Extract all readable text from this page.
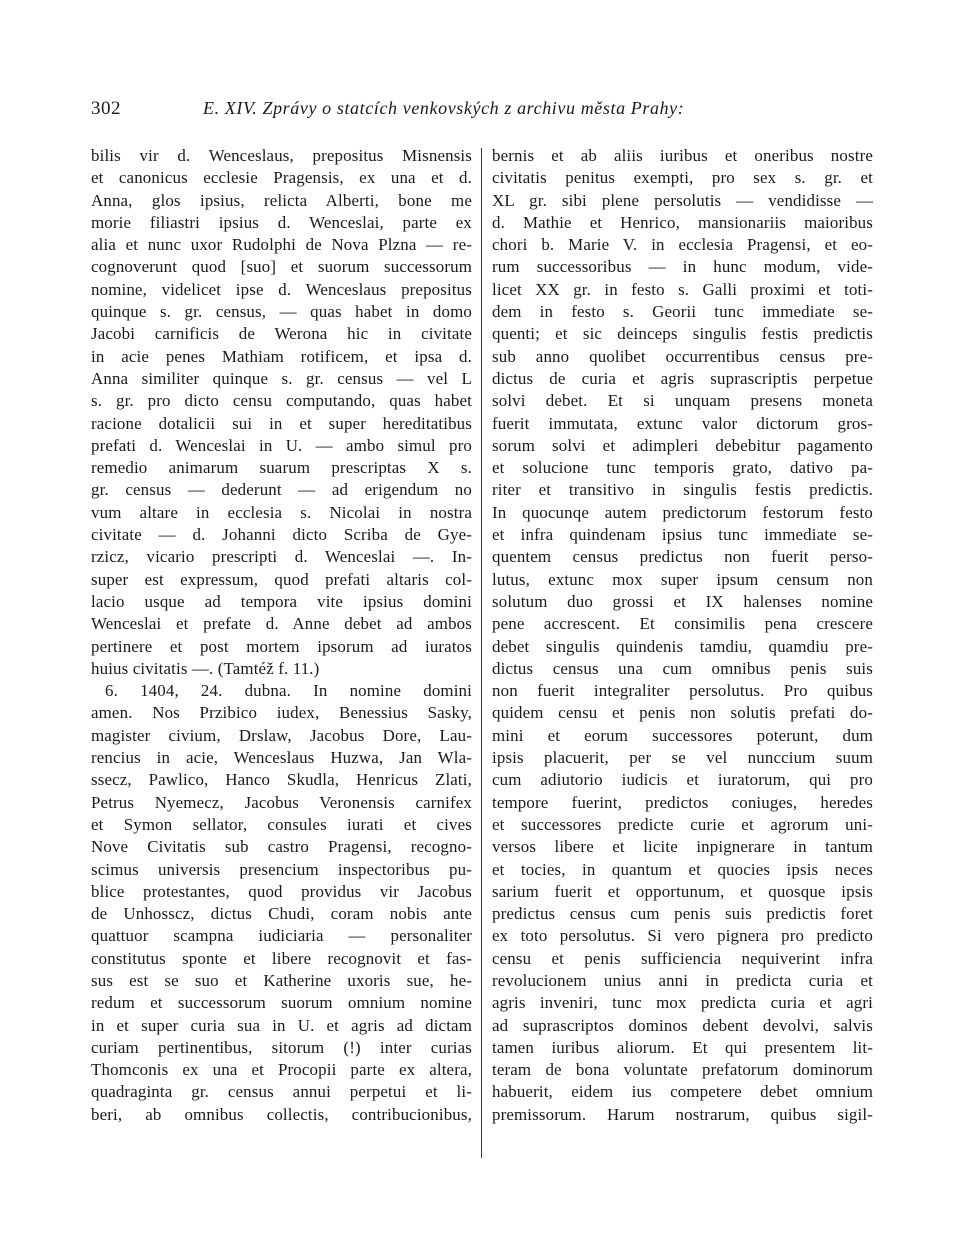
302	E. XIV. Zprávy o statcích venkovských z archivu města Prahy:
bilis vir d. Wenceslaus, prepositus Misnensis
et canonicus ecclesie Pragensis, ex una et d.
Anna, glos ipsius, relicta Alberti, bone me
morie filiastri ipsius d. Wenceslai, parte ex
alia et nunc uxor Rudolphi de Nova Plzna — re-
cognoverunt quod [suo] et suorum successorum
nomine, videlicet ipse d. Wenceslaus prepositus
quinque s. gr. census, — quas habet in domo
Jacobi carnificis de Werona hic in civitate
in acie penes Mathiam rotificem, et ipsa d.
Anna similiter quinque s. gr. census — vel L
s. gr. pro dicto censu computando, quas habet
racione dotalicii sui in et super hereditatibus
prefati d. Wenceslai in U. — ambo simul pro
remedio animarum suarum prescriptas X s.
gr. census — dederunt — ad erigendum no
vum altare in ecclesia s. Nicolai in nostra
civitate — d. Johanni dicto Scriba de Gye-
rzicz, vicario prescripti d. Wenceslai —. In-
super est expressum, quod prefati altaris col-
lacio usque ad tempora vite ipsius domini
Wenceslai et prefate d. Anne debet ad ambos
pertinere et post mortem ipsorum ad iuratos
huius civitatis —. (Tamtéž f. 11.)
6. 1404, 24. dubna. In nomine domini
amen. Nos Przibico iudex, Benessius Sasky,
magister civium, Drslaw, Jacobus Dore, Lau-
rencius in acie, Wenceslaus Huzwa, Jan Wla-
ssecz, Pawlico, Hanco Skudla, Henricus Zlati,
Petrus Nyemecz, Jacobus Veronensis carnifex
et Symon sellator, consules iurati et cives
Nove Civitatis sub castro Pragensi, recogno-
scimus universis presencium inspectoribus pu-
blice protestantes, quod providus vir Jacobus
de Unhosscz, dictus Chudi, coram nobis ante
quattuor scampna iudiciaria — personaliter
constitutus sponte et libere recognovit et fas-
sus est se suo et Katherine uxoris sue, he-
redum et successorum suorum omnium nomine
in et super curia sua in U. et agris ad dictam
curiam pertinentibus, sitorum (!) inter curias
Thomconis ex una et Procopii parte ex altera,
quadraginta gr. census annui perpetui et li-
beri, ab omnibus collectis, contribucionibus,
bernis et ab aliis iuribus et oneribus nostre
civitatis penitus exempti, pro sex s. gr. et
XL gr. sibi plene persolutis — vendidisse —
d. Mathie et Henrico, mansionariis maioribus
chori b. Marie V. in ecclesia Pragensi, et eo-
rum successoribus — in hunc modum, vide-
licet XX gr. in festo s. Galli proximi et toti-
dem in festo s. Georii tunc immediate se-
quenti; et sic deinceps singulis festis predictis
sub anno quolibet occurrentibus census pre-
dictus de curia et agris suprascriptis perpetue
solvi debet. Et si unquam presens moneta
fuerit immutata, extunc valor dictorum gros-
sorum solvi et adimpleri debebitur pagamento
et solucione tunc temporis grato, dativo pa-
riter et transitivo in singulis festis predictis.
In quocunqe autem predictorum festorum festo
et infra quindenam ipsius tunc immediate se-
quentem census predictus non fuerit perso-
lutus, extunc mox super ipsum censum non
solutum duo grossi et IX halenses nomine
pene accrescent. Et consimilis pena crescere
debet singulis quindenis tamdiu, quamdiu pre-
dictus census una cum omnibus penis suis
non fuerit integraliter persolutus. Pro quibus
quidem censu et penis non solutis prefati do-
mini et eorum successores poterunt, dum
ipsis placuerit, per se vel nunccium suum
cum adiutorio iudicis et iuratorum, qui pro
tempore fuerint, predictos coniuges, heredes
et successores predicte curie et agrorum uni-
versos libere et licite inpignerare in tantum
et tocies, in quantum et quocies ipsis neces
sarium fuerit et opportunum, et quosque ipsis
predictus census cum penis suis predictis foret
ex toto persolutus. Si vero pignera pro predicto
censu et penis sufficiencia nequiverint infra
revolucionem unius anni in predicta curia et
agris inveniri, tunc mox predicta curia et agri
ad suprascriptos dominos debent devolvi, salvis
tamen iuribus aliorum. Et qui presentem lit-
teram de bona voluntate prefatorum dominorum
habuerit, eidem ius competere debet omnium
premissorum. Harum nostrarum, quibus sigil-
